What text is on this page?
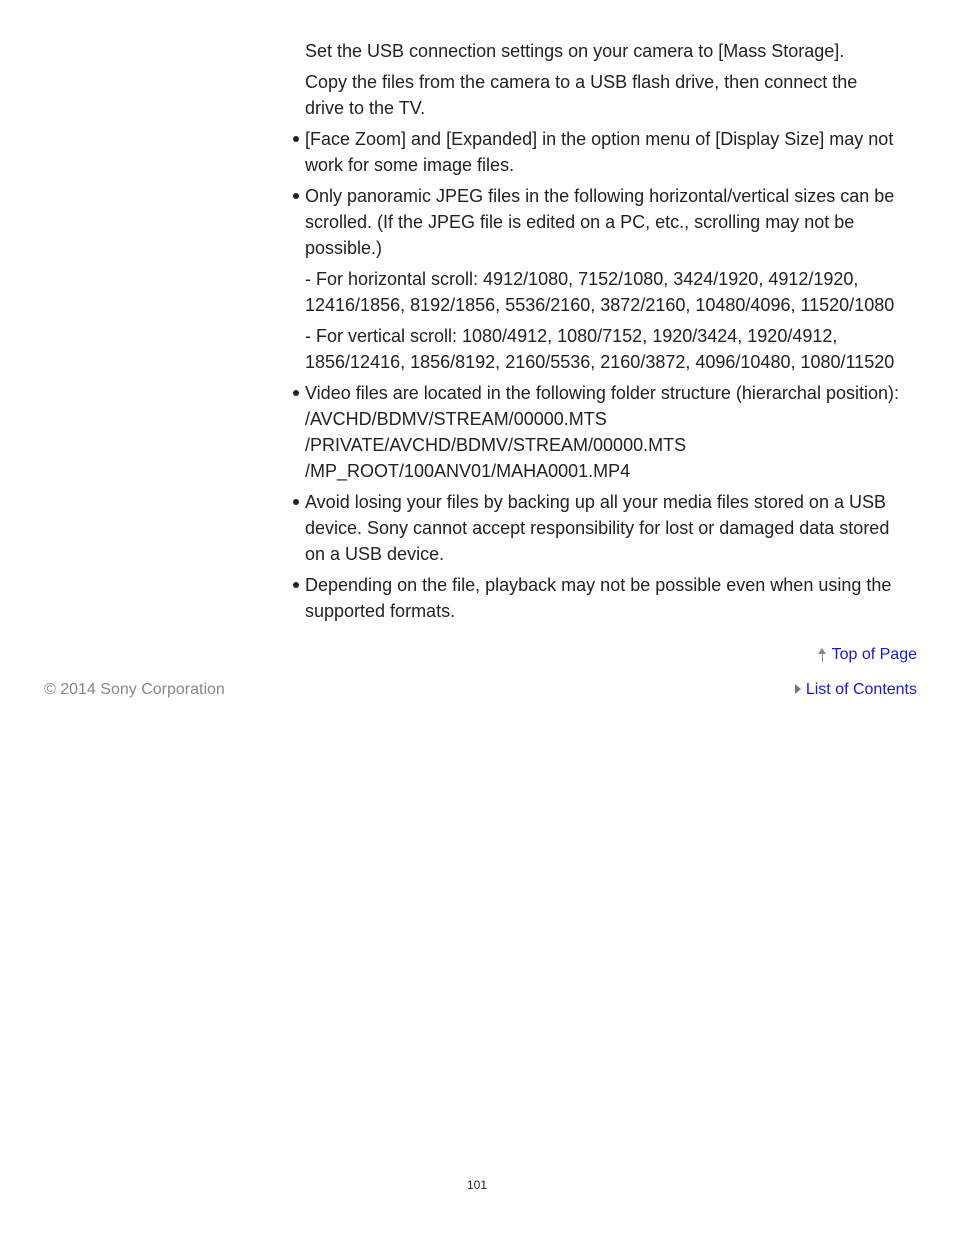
Set the USB connection settings on your camera to [Mass Storage].

Copy the files from the camera to a USB flash drive, then connect the
drive to the TV.

[Face Zoom] and [Expanded] in the option menu of [Display Size] may not
work for some image files.
Only panoramic JPEG files in the following horizontal/vertical sizes can be
scrolled. (If the JPEG file is edited on a PC, etc., scrolling may not be
possible.)

- For horizontal scroll: 4912/1080, 7152/1080, 3424/1920, 4912/1920,
12416/1856, 8192/1856, 5536/2160, 3872/2160, 10480/4096, 11520/1080

- For vertical scroll: 1080/4912, 1080/7152, 1920/3424, 1920/4912,
1856/12416, 1856/8192, 2160/5536, 2160/3872, 4096/10480, 1080/11520

Video files are located in the following folder structure (hierarchal position):
/AVCHD/BDMV/STREAM/00000.MTS
/PRIVATE/AVCHD/BDMV/STREAM/00000.MTS
/MP_ROOT/100ANV01/MAHA0001.MP4
Avoid losing your files by backing up all your media files stored on a USB
device. Sony cannot accept responsibility for lost or damaged data stored
on a USB device.
Depending on the file, playback may not be possible even when using the
supported formats.
Top of Page
© 2014 Sony Corporation	List of Contents
101
